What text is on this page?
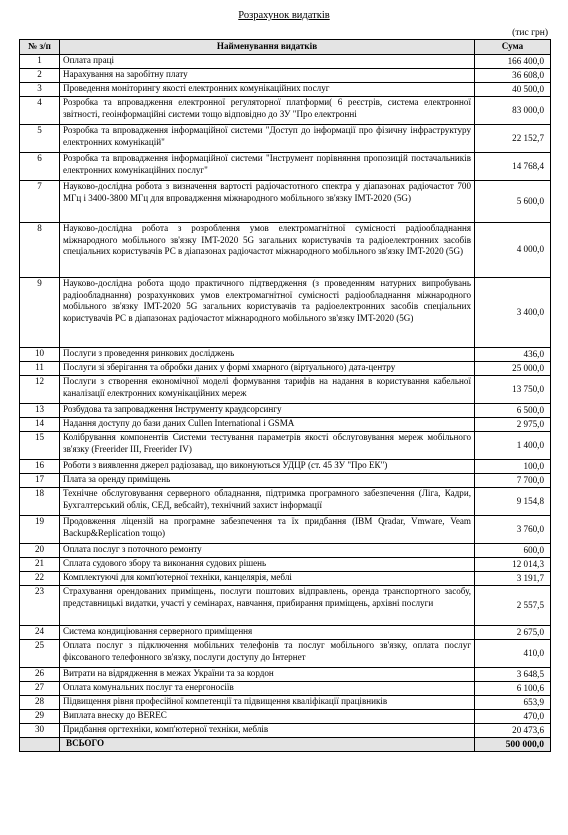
Розрахунок видатків
(тис грн)
№ з/п	Найменування видатків	Сума
1	Оплата праці	166 400,0
2	Нарахування на заробітну плату	36 608,0
3	Проведення моніторингу якості електронних комунікаційних послуг	40 500,0
4	Розробка та впровадження електронної регуляторної платформи( 6 реєстрів, система електронної звітності, геоінформаційні системи тощо відповідно до ЗУ "Про електронні	83 000,0
5	Розробка та впровадження інформаційної системи "Доступ до інформації про фізичну інфраструктуру електронних комунікацій"	22 152,7
6	Розробка та впровадження інформаційної системи "Інструмент порівняння пропозицій постачальників електронних комунікаційних послуг"	14 768,4
7	Науково-дослідна робота з визначення вартості радіочастотного спектра у діапазонах радіочастот 700 МГц і 3400-3800 МГц для впровадження міжнародного мобільного зв'язку IMT-2020 (5G)	5 600,0
8	Науково-дослідна робота з розроблення умов електромагнітної сумісності радіообладнання міжнародного мобільного зв'язку IMT-2020 5G загальних користувачів та радіоелектронних засобів спеціальних користувачів РС в діапазонах радіочастот міжнародного мобільного зв'язку IMT-2020 (5G)	4 000,0
9	Науково-дослідна робота щодо практичного підтвердження (з проведенням натурних випробувань радіообладнання) розрахункових умов електромагнітної сумісності радіообладнання міжнародного мобільного зв'язку IMT-2020 5G загальних користувачів та радіоелектронних засобів спеціальних користувачів РС в діапазонах радіочастот міжнародного мобільного зв'язку IMT-2020 (5G)	3 400,0
10	Послуги з проведення ринкових досліджень	436,0
11	Послуги зі зберігання та обробки даних у формі хмарного (віртуального) дата-центру	25 000,0
12	Послуги з створення економічної моделі формування тарифів на надання в користування кабельної каналізації електронних комунікаційних мереж	13 750,0
13	Розбудова та запровадження Інструменту краудсорсингу	6 500,0
14	Надання доступу до бази даних Cullen International і GSMA	2 975,0
15	Колібрування компонентів Системи тестування параметрів якості обслуговування мереж мобільного зв'язку (Freerider III, Freerider IV)	1 400,0
16	Роботи з виявлення джерел радіозавад, що виконуються УДЦР (ст. 45 ЗУ "Про ЕК")	100,0
17	Плата за оренду приміщень	7 700,0
18	Технічне обслуговування серверного обладнання, підтримка програмного забезпечення (Ліга, Кадри, Бухгалтерський облік, СЕД, вебсайт), технічний захист інформації	9 154,8
19	Продовження ліцензій на програмне забезпечення та їх придбання (IBM Qradar, Vmware, Veam Backup&Replication тощо)	3 760,0
20	Оплата послуг з поточного ремонту	600,0
21	Сплата судового збору та виконання судових рішень	12 014,3
22	Комплектуючі для комп'ютерної техніки, канцелярія, меблі	3 191,7
23	Страхування орендованих приміщень, послуги поштових відправлень, оренда транспортного засобу, представницькі видатки, участі у семінарах, навчання, прибирання приміщень, архівні послуги	2 557,5
24	Система кондиціювання серверного приміщення	2 675,0
25	Оплата послуг з підключення мобільних телефонів та послуг мобільного зв'язку, оплата послуг фіксованого телефонного зв'язку, послуги доступу до Інтернет	410,0
26	Витрати на відрядження в межах України та за кордон	3 648,5
27	Оплата комунальних послуг та енергоносіїв	6 100,6
28	Підвищення рівня професійної компетенції та підвищення кваліфікації працівників	653,9
29	Виплата внеску до BEREC	470,0
30	Придбання оргтехніки, комп'ютерної техніки, меблів	20 473,6
	ВСЬОГО	500 000,0
